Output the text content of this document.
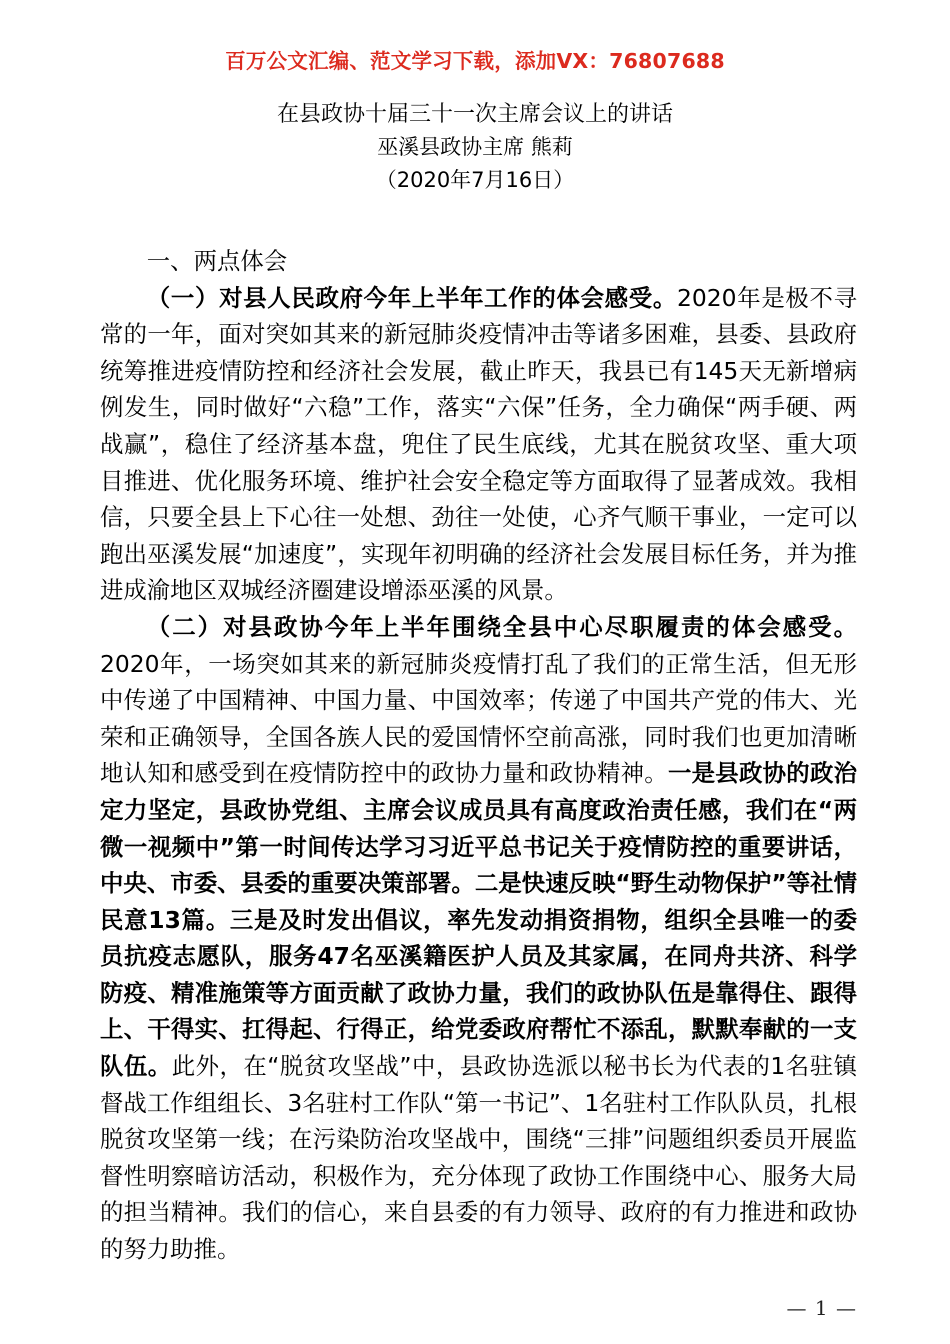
百万公文汇编、范文学习下载，添加VX：76807688
在县政协十届三十一次主席会议上的讲话
巫溪县政协主席 熊莉
（2020年7月16日）

一、两点体会

（一）对县人民政府今年上半年工作的体会感受。2020年是极不寻常的一年，面对突如其来的新冠肺炎疫情冲击等诸多困难，县委、县政府统筹推进疫情防控和经济社会发展，截止昨天，我县已有145天无新增病例发生，同时做好“六稳”工作，落实“六保”任务，全力确保“两手硬、两战赢”，稳住了经济基本盘，兜住了民生底线，尤其在脱贫攻坚、重大项目推进、优化服务环境、维护社会安全稳定等方面取得了显著成效。我相信，只要全县上下心往一处想、劲往一处使，心齐气顺干事业，一定可以跑出巫溪发展“加速度”，实现年初明确的经济社会发展目标任务，并为推进成渝地区双城经济圈建设增添巫溪的风景。

（二）对县政协今年上半年围绕全县中心尽职履责的体会感受。2020年，一场突如其来的新冠肺炎疫情打乱了我们的正常生活，但无形中传递了中国精神、中国力量、中国效率；传递了中国共产党的伟大、光荣和正确领导，全国各族人民的爱国情怀空前高涨，同时我们也更加清晰地认知和感受到在疫情防控中的政协力量和政协精神。一是县政协的政治定力坚定，县政协党组、主席会议成员具有高度政治责任感，我们在“两微一视频中”第一时间传达学习习近平总书记关于疫情防控的重要讲话，中央、市委、县委的重要决策部署。二是快速反映“野生动物保护”等社情民意13篇。三是及时发出倡议，率先发动捐资捐物，组织全县唯一的委员抗疫志愿队，服务47名巫溪籍医护人员及其家属，在同舟共济、科学防疫、精准施策等方面贡献了政协力量，我们的政协队伍是靠得住、跟得上、干得实、扛得起、行得正，给党委政府帮忙不添乱，默默奉献的一支队伍。此外，在“脱贫攻坚战”中，县政协选派以秘书长为代表的1名驻镇督战工作组组长、3名驻村工作队“第一书记”、1名驻村工作队队员，扎根脱贫攻坚第一线；在污染防治攻坚战中，围绕“三排”问题组织委员开展监督性明察暗访活动，积极作为，充分体现了政协工作围绕中心、服务大局的担当精神。我们的信心，来自县委的有力领导、政府的有力推进和政协的努力助推。

— 1 —
